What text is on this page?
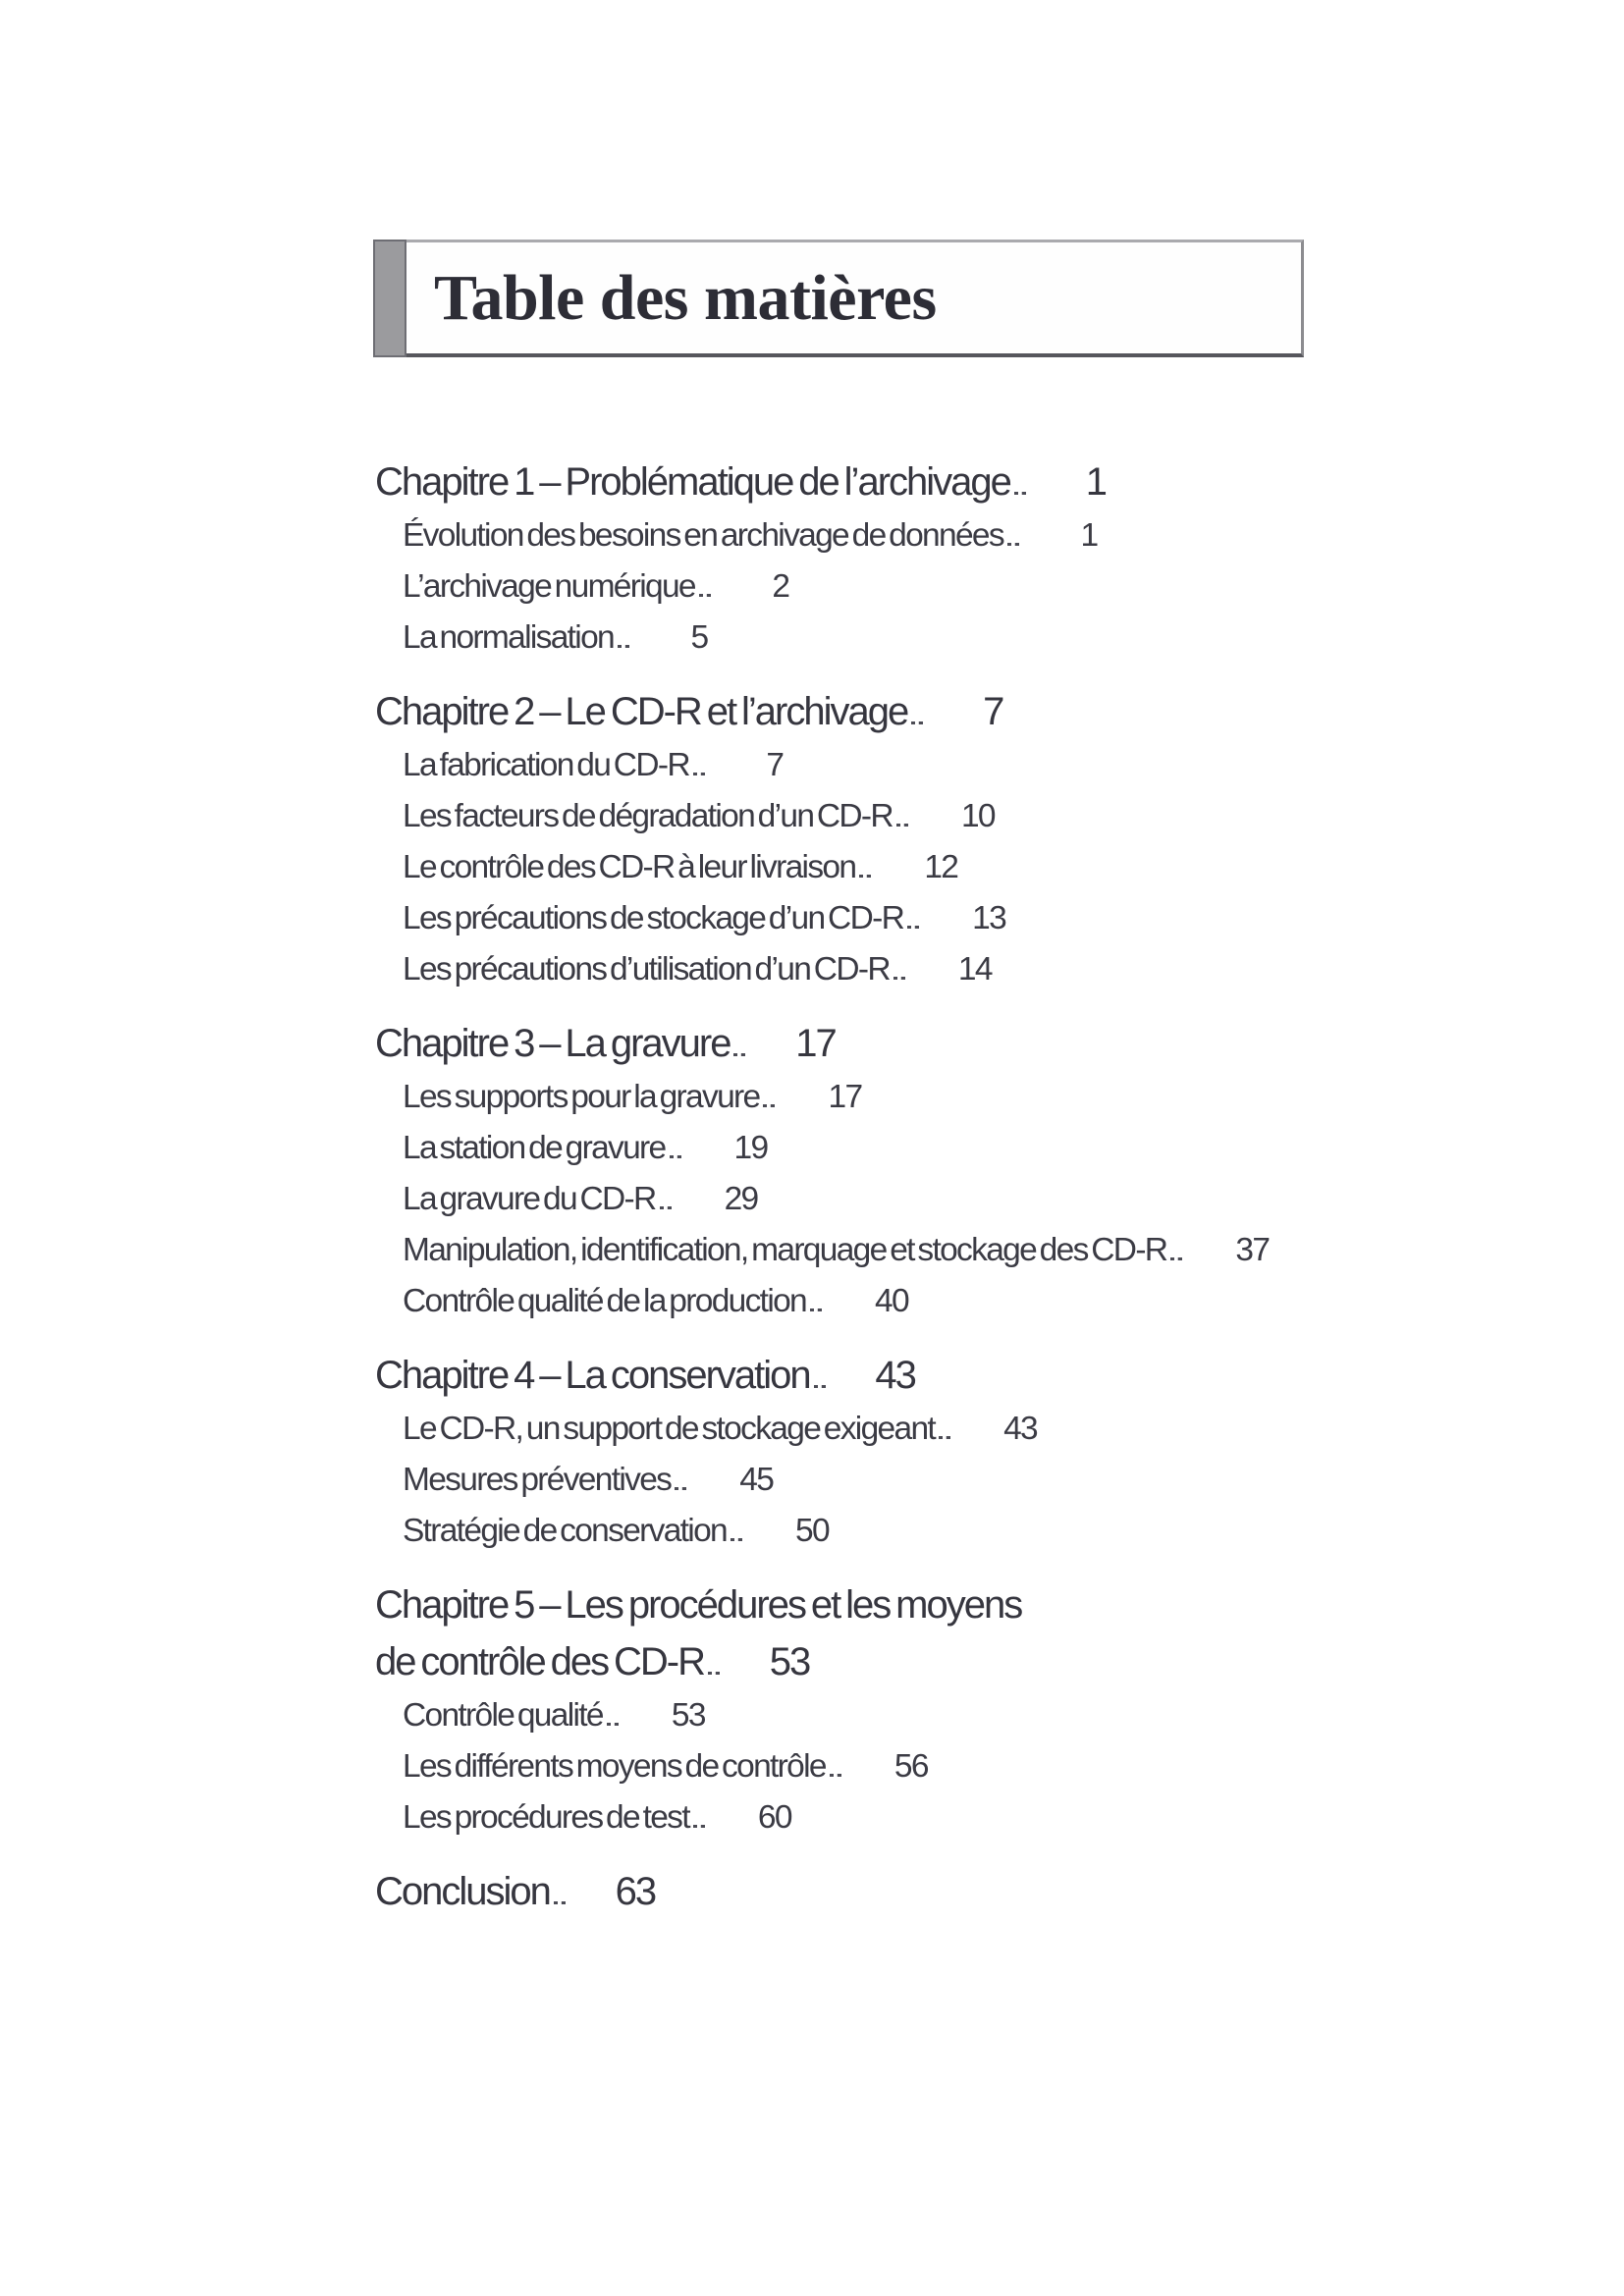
Table des matières
Chapitre 1 – Problématique de l’archivage	1
Évolution des besoins en archivage de données	1
L’archivage numérique	2
La normalisation	5
Chapitre 2 – Le CD-R et l’archivage	7
La fabrication du CD-R	7
Les facteurs de dégradation d’un CD-R	10
Le contrôle des CD-R à leur livraison	12
Les précautions de stockage d’un CD-R	13
Les précautions d’utilisation d’un CD-R	14
Chapitre 3 – La gravure	17
Les supports pour la gravure	17
La station de gravure	19
La gravure du CD-R	29
Manipulation, identification, marquage et stockage des CD-R	37
Contrôle qualité de la production	40
Chapitre 4 – La conservation	43
Le CD-R, un support de stockage exigeant	43
Mesures préventives	45
Stratégie de conservation	50
Chapitre 5 – Les procédures et les moyens
de contrôle des CD-R	53
Contrôle qualité	53
Les différents moyens de contrôle	56
Les procédures de test	60
Conclusion	63
